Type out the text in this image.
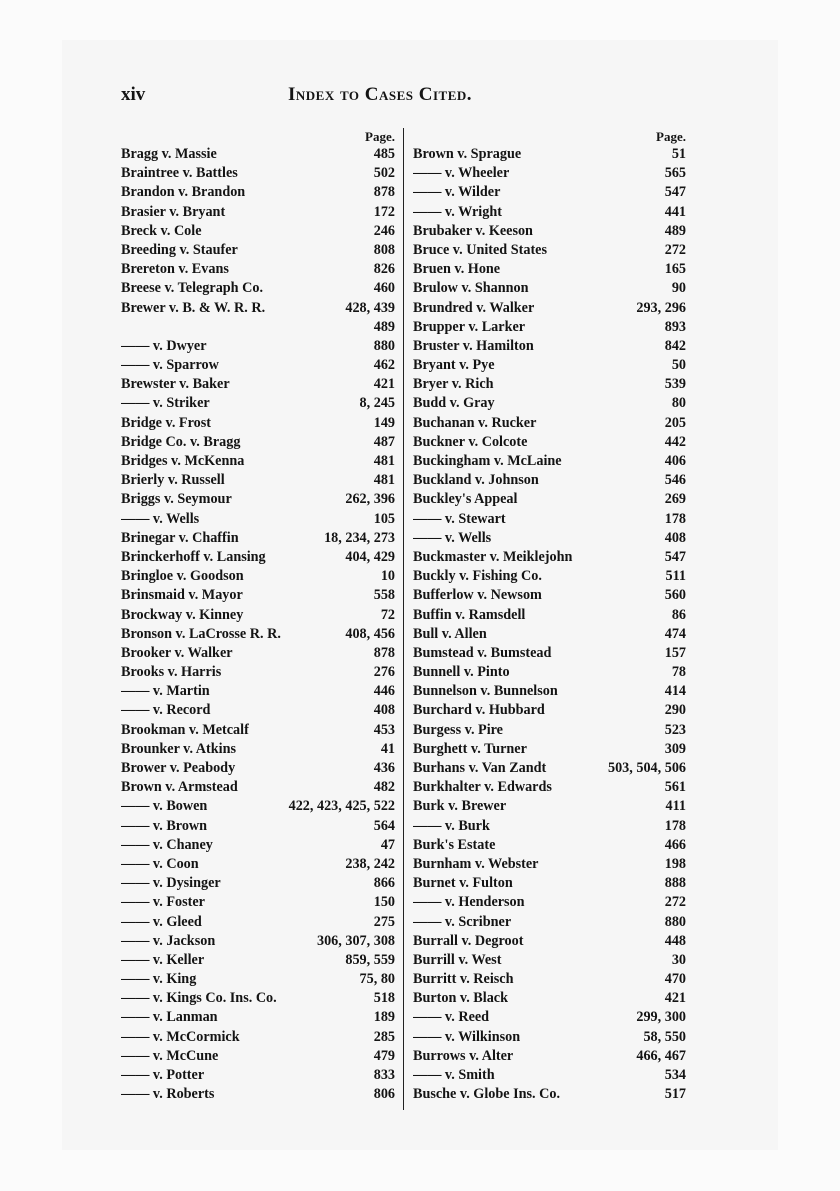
xiv	Index to Cases Cited.
Page.
Bragg v. Massie	485
Braintree v. Battles	502
Brandon v. Brandon	878
Brasier v. Bryant	172
Breck v. Cole	246
Breeding v. Staufer	808
Brereton v. Evans	826
Breese v. Telegraph Co.	460
Brewer v. B. & W. R. R.	428, 439
489
—— v. Dwyer	880
—— v. Sparrow	462
Brewster v. Baker	421
—— v. Striker	8, 245
Bridge v. Frost	149
Bridge Co. v. Bragg	487
Bridges v. McKenna	481
Brierly v. Russell	481
Briggs v. Seymour	262, 396
—— v. Wells	105
Brinegar v. Chaffin	18, 234, 273
Brinckerhoff v. Lansing	404, 429
Bringloe v. Goodson	10
Brinsmaid v. Mayor	558
Brockway v. Kinney	72
Bronson v. LaCrosse R. R.	408, 456
Brooker v. Walker	878
Brooks v. Harris	276
—— v. Martin	446
—— v. Record	408
Brookman v. Metcalf	453
Brounker v. Atkins	41
Brower v. Peabody	436
Brown v. Armstead	482
—— v. Bowen	422, 423, 425, 522
—— v. Brown	564
—— v. Chaney	47
—— v. Coon	238, 242
—— v. Dysinger	866
—— v. Foster	150
—— v. Gleed	275
—— v. Jackson	306, 307, 308
—— v. Keller	859, 559
—— v. King	75, 80
—— v. Kings Co. Ins. Co.	518
—— v. Lanman	189
—— v. McCormick	285
—— v. McCune	479
—— v. Potter	833
—— v. Roberts	806
Page.
Brown v. Sprague	51
—— v. Wheeler	565
—— v. Wilder	547
—— v. Wright	441
Brubaker v. Keeson	489
Bruce v. United States	272
Bruen v. Hone	165
Brulow v. Shannon	90
Brundred v. Walker	293, 296
Brupper v. Larker	893
Bruster v. Hamilton	842
Bryant v. Pye	50
Bryer v. Rich	539
Budd v. Gray	80
Buchanan v. Rucker	205
Buckner v. Colcote	442
Buckingham v. McLaine	406
Buckland v. Johnson	546
Buckley's Appeal	269
—— v. Stewart	178
—— v. Wells	408
Buckmaster v. Meiklejohn	547
Buckly v. Fishing Co.	511
Bufferlow v. Newsom	560
Buffin v. Ramsdell	86
Bull v. Allen	474
Bumstead v. Bumstead	157
Bunnell v. Pinto	78
Bunnelson v. Bunnelson	414
Burchard v. Hubbard	290
Burgess v. Pire	523
Burghett v. Turner	309
Burhans v. Van Zandt	503, 504, 506
Burkhalter v. Edwards	561
Burk v. Brewer	411
—— v. Burk	178
Burk's Estate	466
Burnham v. Webster	198
Burnet v. Fulton	888
—— v. Henderson	272
—— v. Scribner	880
Burrall v. Degroot	448
Burrill v. West	30
Burritt v. Reisch	470
Burton v. Black	421
—— v. Reed	299, 300
—— v. Wilkinson	58, 550
Burrows v. Alter	466, 467
—— v. Smith	534
Busche v. Globe Ins. Co.	517
